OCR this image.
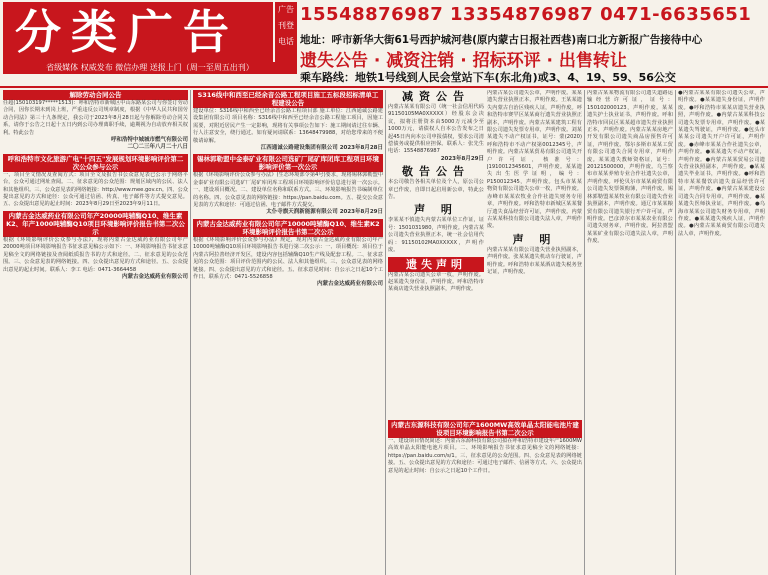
分类广告	广告刊登电话
省级媒体 权威发布 微信办理 送报上门（周一至周五出刊）
15548876987 13354876987 0471-6635651
地址：呼市新华大街61号西护城河巷(原内蒙古日报社西巷)南口北方新报广告接待中心
遗失公告 · 减资注销 · 招标环评 · 出售转让
乘车路线：地铁1号线到人民会堂站下车(东北角)或3、4、19、59、56公交
解除劳动合同公告
任超(150103197*****1513)：呼和浩特市新城区中山东路某公司与你签订劳动合同，因你长期未到岗上班，严重违反公司规章制度，根据《中华人民共和国劳动合同法》第三十九条规定，我公司于2023年8月28日起与你解除劳动合同关系，请你于公告之日起十五日内到公司办理离职手续，逾期视为自动放弃相关权利。特此公告
呼和浩特中城城市燃气有限公司
二〇二三年八月二十八日
呼和浩特市文化旅游广电"十四五"发展规划环境影响评价第二次公众参与公示
一、项目全文情况及查阅方式：项目全文及报告书公众意见表已公示于网络平台，公众可通过网址查阅。二、征求意见的公众范围：规划区域内的公民、法人和其他组织。三、公众意见表的网络链接：http://www.mee.gov.cn。四、公众提出意见的方式和途径：公众可通过信函、传真、电子邮件等方式提交意见。五、公众提出意见的起止时间：2023年8月29日至2023年9月11日。
内蒙古金达威药业有限公司年产20000吨辅酶Q10、维生素K2、年产1000吨辅酶Q10项目环境影响评价报告书第二次公示
根据《环境影响评价公众参与办法》，现将内蒙古金达威药业有限公司年产20000吨项目环境影响报告书征求意见稿公示如下：一、环境影响报告书征求意见稿全文的网络链接及查阅纸质报告书的方式和途径。二、征求意见的公众范围。三、公众意见表的网络链接。四、公众提出意见的方式和途径。五、公众提出意见的起止时间。联系人：李工 电话：0471-3664458
内蒙古金达威药业有限公司
S316线中和西至已经余音公路工程项目施工五标段招标清单工程建设公告
建设单位：S316线中和西至已经余音公路工程项目部 施工单位：江西通诚公路建设集团有限公司 项目名称：S316线中和西至已经余音公路工程施工项目，因施工需要，对附近居民产生一定影响，现将有关事项公告如下：施工期间请过往车辆、行人注意安全，绕行通过。如有疑问请联系：13648479988，对给您带来的不便敬请谅解。
江西通诚公路建设集团有限公司 2023年8月28日
锡林郭勒盟中金泰矿业有限公司选矿厂尾矿库闭库工程项目环境影响评价第一次公示
根据《环境影响评价公众参与办法》(生态环境部令第4号)要求，现将锡林郭勒盟中金泰矿业有限公司选矿厂尾矿库闭库工程项目环境影响评价信息进行第一次公示。一、建设项目概况。二、建设单位名称和联系方式。三、环境影响报告书编制单位的名称。四、公众意见表的网络链接：https://pan.baidu.com。五、提交公众意见表的方式和途径：可通过信函、电子邮件方式提交。
太仆寺旗天润新能源有限公司 2023年8月29日
内蒙古金达威药业有限公司年产10000吨辅酶Q10、维生素K2环境影响评价报告书第二次公示
根据《环境影响评价公众参与办法》规定，现对内蒙古金达威药业有限公司年产10000吨辅酶Q10项目环境影响报告书进行第二次公示：一、项目概况：项目位于内蒙古阿拉善经济开发区，建设内容包括辅酶Q10生产线及配套工程。二、征求意见的公众范围：项目评价范围内的公民、法人和其他组织。三、公众意见表的网络链接。四、公众提出意见的方式和途径。五、征求意见时间：自公示之日起10个工作日。联系方式：0471-5526858
内蒙古金达威药业有限公司
减资公告
内蒙古某某有限公司（统一社会信用代码91150105MA0XXXXX）经股东会决议，拟将注册资本由5000万元减少至1000万元，请债权人自本公告发布之日起45日内向本公司申报债权，要求公司清偿债务或提供相应担保。联系人：张先生 电话：15548876987
2023年8月29日
敬告公告
本公司敬告各相关单位及个人，原公司公章已作废，自即日起启用新公章，特此公告。
声 明
李某某不慎遗失内蒙古某单位工作证，证号：1501031980，声明作废。内蒙古某公司遗失营业执照正本，统一社会信用代码：91150102MA0XXXXX，声明作废。
遗失声明
内蒙古某公司遗失公章一枚，声明作废。赵某遗失身份证，声明作废。呼和浩特市某商店遗失营业执照副本，声明作废。
内蒙古东源科技有限公司年产1600MW高效单晶太阳能电池片建设项目环境影响报告书第二次公示
一、建设项目情况简述：内蒙古东源科技有限公司拟在呼和浩特市建设年产1600MW高效单晶太阳能电池片项目。二、环境影响报告书征求意见稿全文的网络链接：https://pan.baidu.com/s/1。三、征求意见的公众范围。四、公众意见表的网络链接。五、公众提出意见的方式和途径：可通过电子邮件、信函等方式。六、公众提出意见的起止时间：自公示之日起10个工作日。
内蒙古某公司遗失公章，声明作废。某某遗失营业执照正本，声明作废。王某某遗失内蒙古自治区残疾人证，声明作废。呼和浩特市赛罕区某某商行遗失营业执照正副本，声明作废。内蒙古某某建筑工程有限公司遗失发票专用章，声明作废。刘某某遗失不动产权证书，证号：蒙(2020)呼和浩特市不动产权第0012345号，声明作废。内蒙古某某贸易有限公司遗失开户许可证，核准号：J1910012345601，声明作废。某某遗失出生医学证明，编号：P150012345，声明作废。包头市某某物资有限公司遗失公章一枚，声明作废。赤峰市某某农牧业合作社遗失财务专用章，声明作废。呼和浩特市新城区某某餐厅遗失食品经营许可证，声明作废。内蒙古某某科技有限公司遗失法人章，声明作废。
声 明
内蒙古某某有限公司遗失营业执照副本，声明作废。张某某遗失机动车行驶证，声明作废。呼和浩特市某某酒店遗失税务登记证，声明作废。
内蒙古某某物流有限公司遗失道路运输经营许可证，证号：150102000123，声明作废。某某遗失护士执业证书，声明作废。呼和浩特市回民区某某超市遗失营业执照正本，声明作废。内蒙古某某房地产开发有限公司遗失商品房预售许可证，声明作废。鄂尔多斯市某某工贸有限公司遗失合同专用章，声明作废。某某遗失教师资格证，证号：20121500000，声明作废。乌兰察布市某某养殖专业合作社遗失公章，声明作废。呼伦贝尔市某某商贸有限公司遗失发票领购簿，声明作废。锡林郭勒盟某某牧业有限公司遗失营业执照副本，声明作废。通辽市某某粮贸有限公司遗失银行开户许可证，声明作废。巴彦淖尔市某某农业有限公司遗失财务章，声明作废。阿拉善盟某某矿业有限公司遗失法人章，声明作废。
●内蒙古某某有限公司遗失公章，声明作废。●某某遗失身份证，声明作废。●呼和浩特市某某店遗失营业执照，声明作废。●内蒙古某某科技公司遗失发票专用章，声明作废。●某某遗失驾驶证，声明作废。●包头市某某公司遗失开户许可证，声明作废。●赤峰市某某合作社遗失公章，声明作废。●某某遗失不动产权证，声明作废。●内蒙古某某贸易公司遗失营业执照副本，声明作废。●某某遗失毕业证书，声明作废。●呼和浩特市某某餐饮店遗失食品经营许可证，声明作废。●内蒙古某某建设公司遗失合同专用章，声明作废。●某某遗失医师执业证，声明作废。●乌海市某某公司遗失财务专用章，声明作废。●某某遗失残疾人证，声明作废。●内蒙古某某商贸有限公司遗失法人章，声明作废。
